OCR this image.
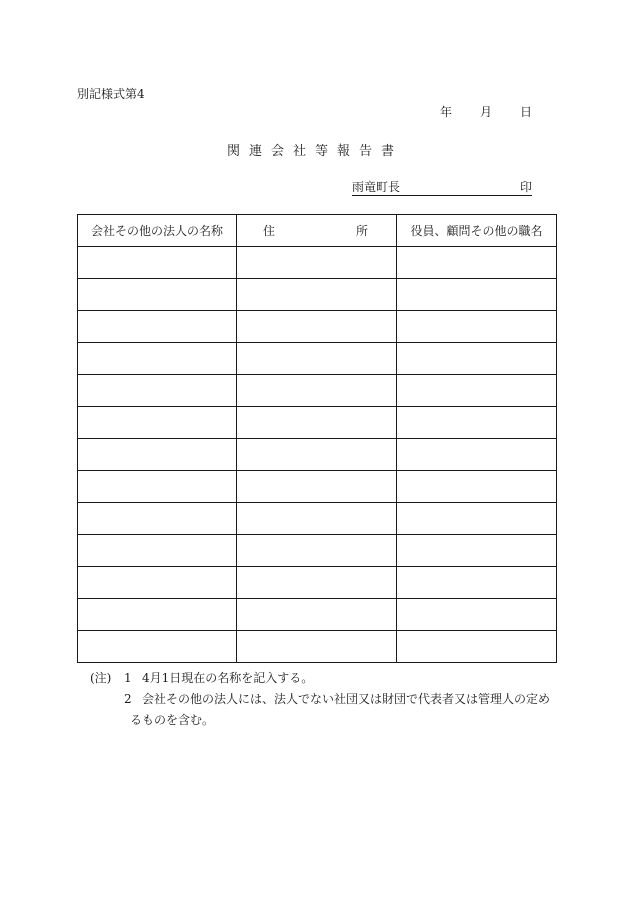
別記様式第4
年 月 日
関連会社等報告書
雨竜町長	印
会社その他の法人の名称	住 所	役員、顧問その他の職名

(注) 1 4月1日現在の名称を記入する。
2 会社その他の法人には、法人でない社団又は財団で代表者又は管理人の定め
るものを含む。
